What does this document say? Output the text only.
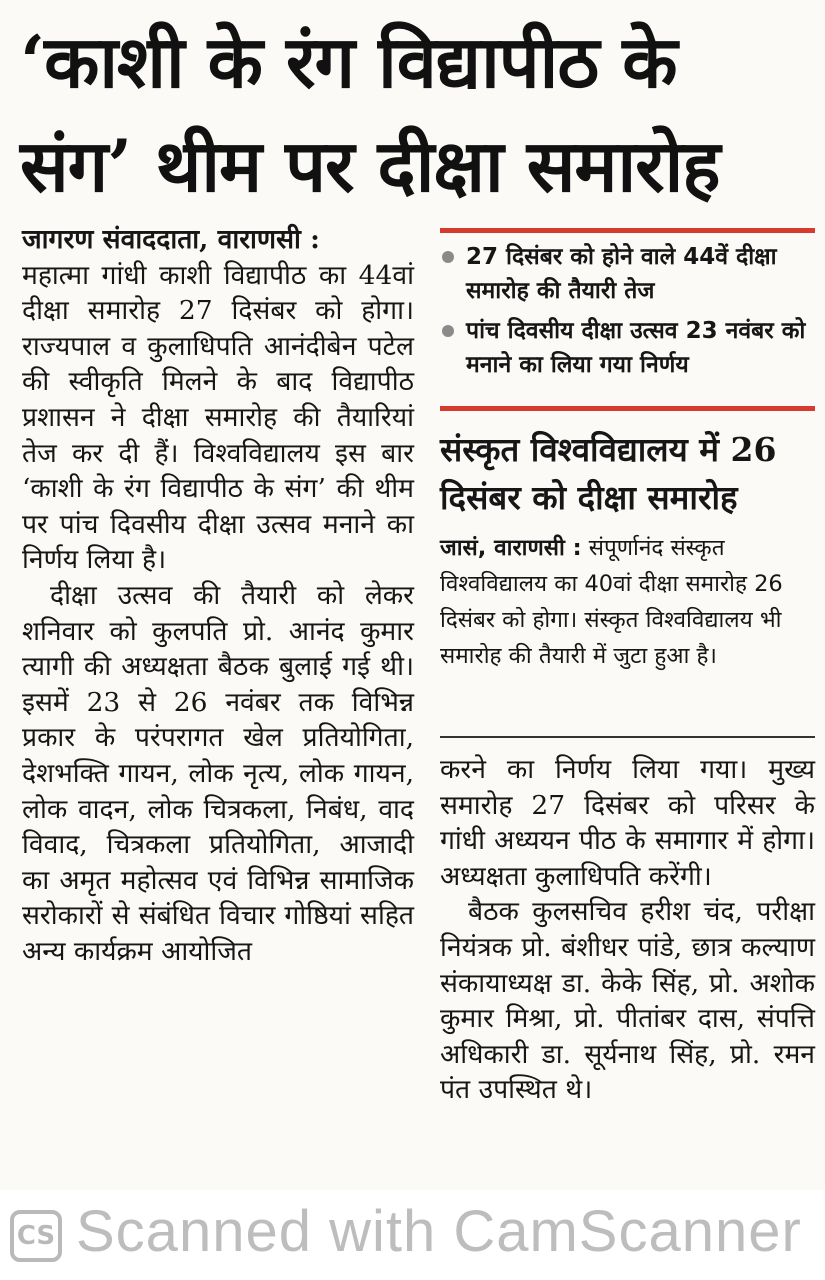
‘काशी के रंग विद्यापीठ के
संग’ थीम पर दीक्षा समारोह

जागरण संवाददाता, वाराणसी :

महात्मा गांधी काशी विद्यापीठ का 44वां दीक्षा समारोह 27 दिसंबर को होगा। राज्यपाल व कुलाधिपति आनंदीबेन पटेल की स्वीकृति मिलने के बाद विद्यापीठ प्रशासन ने दीक्षा समारोह की तैयारियां तेज कर दी हैं। विश्वविद्यालय इस बार ‘काशी के रंग विद्यापीठ के संग’ की थीम पर पांच दिवसीय दीक्षा उत्सव मनाने का निर्णय लिया है।

दीक्षा उत्सव की तैयारी को लेकर शनिवार को कुलपति प्रो. आनंद कुमार त्यागी की अध्यक्षता बैठक बुलाई गई थी। इसमें 23 से 26 नवंबर तक विभिन्न प्रकार के परंपरागत खेल प्रतियोगिता, देशभक्ति गायन, लोक नृत्य, लोक गायन, लोक वादन, लोक चित्रकला, निबंध, वाद विवाद, चित्रकला प्रतियोगिता, आजादी का अमृत महोत्सव एवं विभिन्न सामाजिक सरोकारों से संबंधित विचार गोष्ठियां सहित अन्य कार्यक्रम आयोजित

27 दिसंबर को होने वाले 44वें दीक्षा समारोह की तैयारी तेज
पांच दिवसीय दीक्षा उत्सव 23 नवंबर को मनाने का लिया गया निर्णय
संस्कृत विश्वविद्यालय में 26 दिसंबर को दीक्षा समारोह
जासं, वाराणसी : संपूर्णानंद संस्कृत विश्वविद्यालय का 40वां दीक्षा समारोह 26 दिसंबर को होगा। संस्कृत विश्वविद्यालय भी समारोह की तैयारी में जुटा हुआ है।

करने का निर्णय लिया गया। मुख्य समारोह 27 दिसंबर को परिसर के गांधी अध्ययन पीठ के समागार में होगा। अध्यक्षता कुलाधिपति करेंगी।

बैठक कुलसचिव हरीश चंद, परीक्षा नियंत्रक प्रो. बंशीधर पांडे, छात्र कल्याण संकायाध्यक्ष डा. केके सिंह, प्रो. अशोक कुमार मिश्रा, प्रो. पीतांबर दास, संपत्ति अधिकारी डा. सूर्यनाथ सिंह, प्रो. रमन पंत उपस्थित थे।

CS Scanned with CamScanner
